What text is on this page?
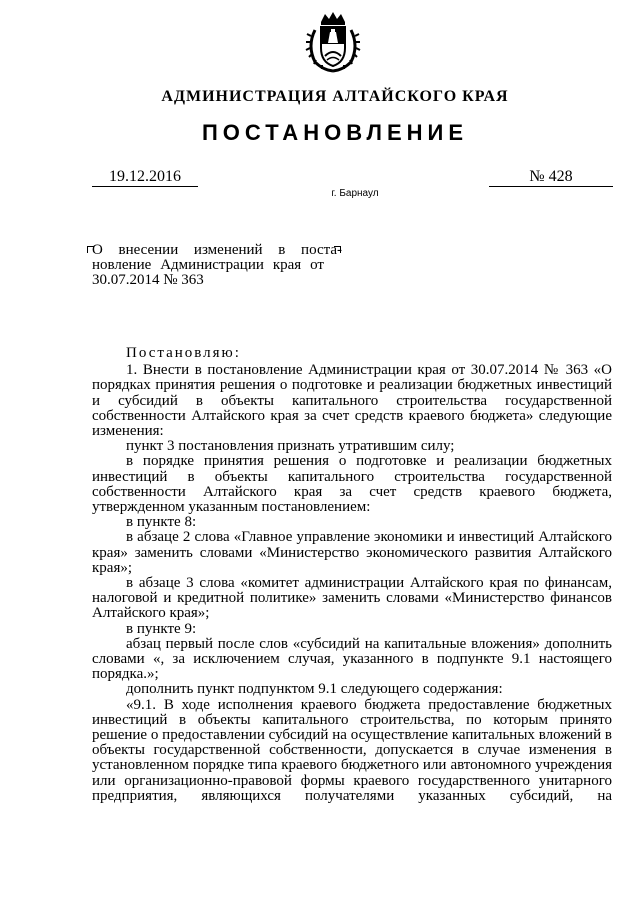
АДМИНИСТРАЦИЯ АЛТАЙСКОГО КРАЯ
ПОСТАНОВЛЕНИЕ
19.12.2016	№ 428
г. Барнаул
О внесении изменений в поста-
новление Администрации края от
30.07.2014 № 363

Постановляю:

1. Внести в постановление Администрации края от 30.07.2014 № 363 «О порядках принятия решения о подготовке и реализации бюджетных инвестиций и субсидий в объекты капитального строительства государственной собственности Алтайского края за счет средств краевого бюджета» следующие изменения:

пункт 3 постановления признать утратившим силу;

в порядке принятия решения о подготовке и реализации бюджетных инвестиций в объекты капитального строительства государственной собственности Алтайского края за счет средств краевого бюджета, утвержденном указанным постановлением:

в пункте 8:

в абзаце 2 слова «Главное управление экономики и инвестиций Алтайского края» заменить словами «Министерство экономического развития Алтайского края»;

в абзаце 3 слова «комитет администрации Алтайского края по финансам, налоговой и кредитной политике» заменить словами «Министерство финансов Алтайского края»;

в пункте 9:

абзац первый после слов «субсидий на капитальные вложения» дополнить словами «, за исключением случая, указанного в подпункте 9.1 настоящего порядка.»;

дополнить пункт подпунктом 9.1 следующего содержания:

«9.1. В ходе исполнения краевого бюджета предоставление бюджетных инвестиций в объекты капитального строительства, по которым принято решение о предоставлении субсидий на осуществление капитальных вложений в объекты государственной собственности, допускается в случае изменения в установленном порядке типа краевого бюджетного или автономного учреждения или организационно-правовой формы краевого государственного унитарного предприятия, являющихся получателями указанных субсидий, на
